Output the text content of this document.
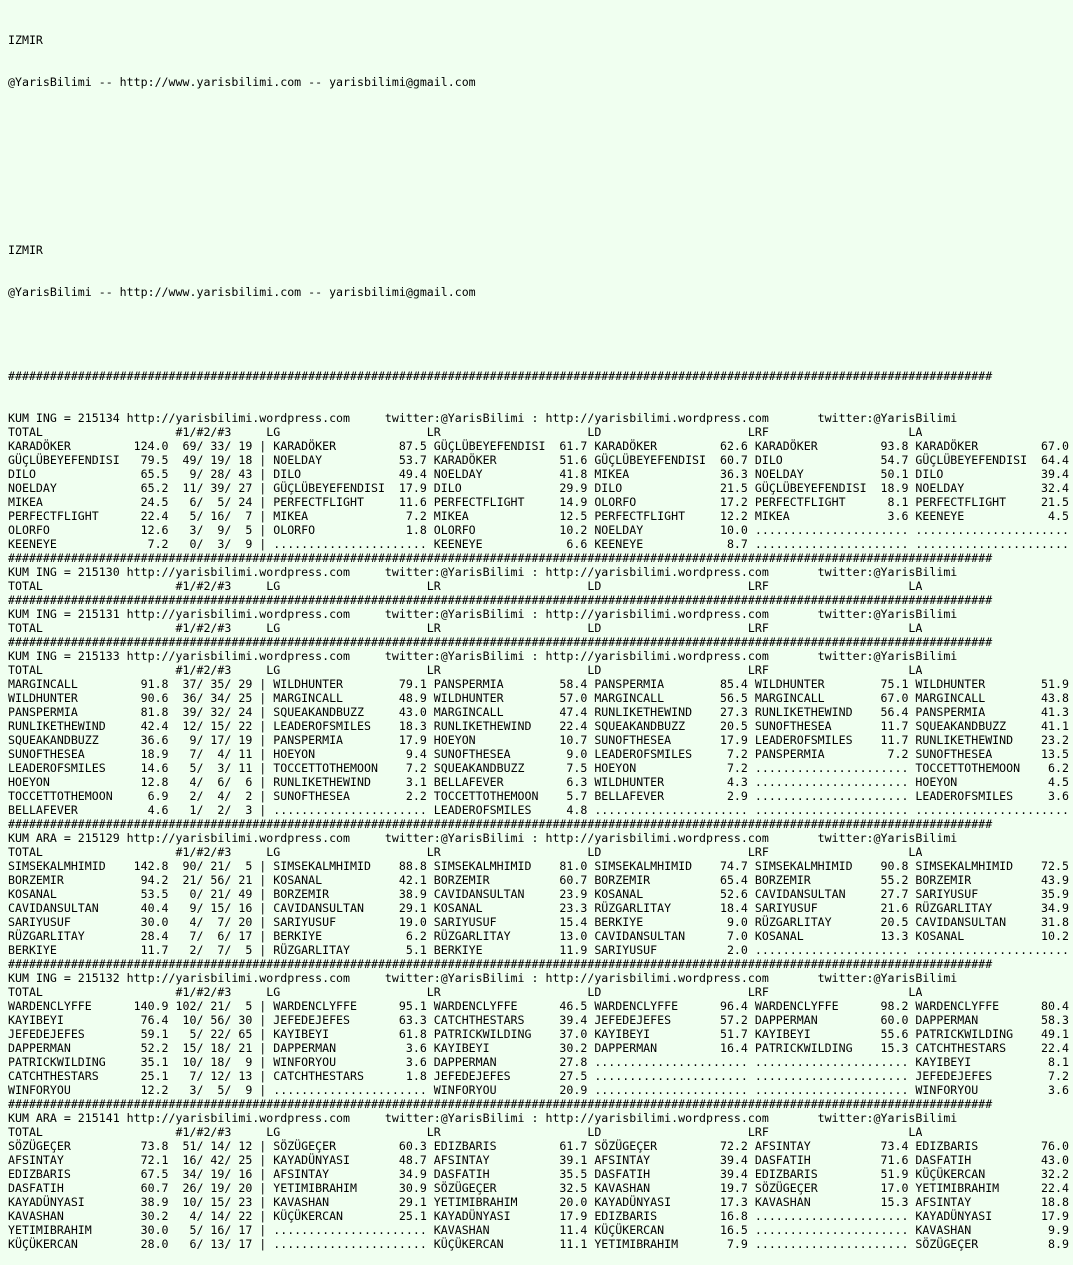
IZMIR

@YarisBilimi -- http://www.yarisbilimi.com -- yarisbilimi@gmail.com

IZMIR

@YarisBilimi -- http://www.yarisbilimi.com -- yarisbilimi@gmail.com

#############################################################################################################################################

KUM ING = 215134 http://yarisbilimi.wordpress.com     twitter:@YarisBilimi : http://yarisbilimi.wordpress.com       twitter:@YarisBilimi
TOTAL                   #1/#2/#3     LG                     LR                     LD                     LRF                    LA
KARADÖKER         124.0  69/ 33/ 19 | KARADÖKER         87.5 GÜÇLÜBEYEFENDISI  61.7 KARADÖKER         62.6 KARADÖKER         93.8 KARADÖKER         67.0
GÜÇLÜBEYEFENDISI   79.5  49/ 19/ 18 | NOELDAY           53.7 KARADÖKER         51.6 GÜÇLÜBEYEFENDISI  60.7 DILO              54.7 GÜÇLÜBEYEFENDISI  64.4
DILO               65.5   9/ 28/ 43 | DILO              49.4 NOELDAY           41.8 MIKEA             36.3 NOELDAY           50.1 DILO              39.4
NOELDAY            65.2  11/ 39/ 27 | GÜÇLÜBEYEFENDISI  17.9 DILO              29.9 DILO              21.5 GÜÇLÜBEYEFENDISI  18.9 NOELDAY           32.4
MIKEA              24.5   6/  5/ 24 | PERFECTFLIGHT     11.6 PERFECTFLIGHT     14.9 OLORFO            17.2 PERFECTFLIGHT      8.1 PERFECTFLIGHT     21.5
PERFECTFLIGHT      22.4   5/ 16/  7 | MIKEA              7.2 MIKEA             12.5 PERFECTFLIGHT     12.2 MIKEA              3.6 KEENEYE            4.5
OLORFO             12.6   3/  9/  5 | OLORFO             1.8 OLORFO            10.2 NOELDAY           10.0 ...................... ......................
KEENEYE             7.2   0/  3/  9 | ...................... KEENEYE            6.6 KEENEYE            8.7 ...................... ......................
#############################################################################################################################################
KUM ING = 215130 http://yarisbilimi.wordpress.com     twitter:@YarisBilimi : http://yarisbilimi.wordpress.com       twitter:@YarisBilimi
TOTAL                   #1/#2/#3     LG                     LR                     LD                     LRF                    LA
#############################################################################################################################################
KUM ING = 215131 http://yarisbilimi.wordpress.com     twitter:@YarisBilimi : http://yarisbilimi.wordpress.com       twitter:@YarisBilimi
TOTAL                   #1/#2/#3     LG                     LR                     LD                     LRF                    LA
#############################################################################################################################################
KUM ING = 215133 http://yarisbilimi.wordpress.com     twitter:@YarisBilimi : http://yarisbilimi.wordpress.com       twitter:@YarisBilimi
TOTAL                   #1/#2/#3     LG                     LR                     LD                     LRF                    LA
MARGINCALL         91.8  37/ 35/ 29 | WILDHUNTER        79.1 PANSPERMIA        58.4 PANSPERMIA        85.4 WILDHUNTER        75.1 WILDHUNTER        51.9
WILDHUNTER         90.6  36/ 34/ 25 | MARGINCALL        48.9 WILDHUNTER        57.0 MARGINCALL        56.5 MARGINCALL        67.0 MARGINCALL        43.8
PANSPERMIA         81.8  39/ 32/ 24 | SQUEAKANDBUZZ     43.0 MARGINCALL        47.4 RUNLIKETHEWIND    27.3 RUNLIKETHEWIND    56.4 PANSPERMIA        41.3
RUNLIKETHEWIND     42.4  12/ 15/ 22 | LEADEROFSMILES    18.3 RUNLIKETHEWIND    22.4 SQUEAKANDBUZZ     20.5 SUNOFTHESEA       11.7 SQUEAKANDBUZZ     41.1
SQUEAKANDBUZZ      36.6   9/ 17/ 19 | PANSPERMIA        17.9 HOEYON            10.7 SUNOFTHESEA       17.9 LEADEROFSMILES    11.7 RUNLIKETHEWIND    23.2
SUNOFTHESEA        18.9   7/  4/ 11 | HOEYON             9.4 SUNOFTHESEA        9.0 LEADEROFSMILES     7.2 PANSPERMIA         7.2 SUNOFTHESEA       13.5
LEADEROFSMILES     14.6   5/  3/ 11 | TOCCETTOTHEMOON    7.2 SQUEAKANDBUZZ      7.5 HOEYON             7.2 ...................... TOCCETTOTHEMOON    6.2
HOEYON             12.8   4/  6/  6 | RUNLIKETHEWIND     3.1 BELLAFEVER         6.3 WILDHUNTER         4.3 ...................... HOEYON             4.5
TOCCETTOTHEMOON     6.9   2/  4/  2 | SUNOFTHESEA        2.2 TOCCETTOTHEMOON    5.7 BELLAFEVER         2.9 ...................... LEADEROFSMILES     3.6
BELLAFEVER          4.6   1/  2/  3 | ...................... LEADEROFSMILES     4.8 ...................... ...................... ......................
#############################################################################################################################################
KUM ARA = 215129 http://yarisbilimi.wordpress.com     twitter:@YarisBilimi : http://yarisbilimi.wordpress.com       twitter:@YarisBilimi
TOTAL                   #1/#2/#3     LG                     LR                     LD                     LRF                    LA
SIMSEKALMHIMID    142.8  90/ 21/  5 | SIMSEKALMHIMID    88.8 SIMSEKALMHIMID    81.0 SIMSEKALMHIMID    74.7 SIMSEKALMHIMID    90.8 SIMSEKALMHIMID    72.5
BORZEMIR           94.2  21/ 56/ 21 | KOSANAL           42.1 BORZEMIR          60.7 BORZEMIR          65.4 BORZEMIR          55.2 BORZEMIR          43.9
KOSANAL            53.5   0/ 21/ 49 | BORZEMIR          38.9 CAVIDANSULTAN     23.9 KOSANAL           52.6 CAVIDANSULTAN     27.7 SARIYUSUF         35.9
CAVIDANSULTAN      40.4   9/ 15/ 16 | CAVIDANSULTAN     29.1 KOSANAL           23.3 RÜZGARLITAY       18.4 SARIYUSUF         21.6 RÜZGARLITAY       34.9
SARIYUSUF          30.0   4/  7/ 20 | SARIYUSUF         19.0 SARIYUSUF         15.4 BERKIYE            9.0 RÜZGARLITAY       20.5 CAVIDANSULTAN     31.8
RÜZGARLITAY        28.4   7/  6/ 17 | BERKIYE            6.2 RÜZGARLITAY       13.0 CAVIDANSULTAN      7.0 KOSANAL           13.3 KOSANAL           10.2
BERKIYE            11.7   2/  7/  5 | RÜZGARLITAY        5.1 BERKIYE           11.9 SARIYUSUF          2.0 ...................... ......................
#############################################################################################################################################
KUM ING = 215132 http://yarisbilimi.wordpress.com     twitter:@YarisBilimi : http://yarisbilimi.wordpress.com       twitter:@YarisBilimi
TOTAL                   #1/#2/#3     LG                     LR                     LD                     LRF                    LA
WARDENCLYFFE      140.9 102/ 21/  5 | WARDENCLYFFE      95.1 WARDENCLYFFE      46.5 WARDENCLYFFE      96.4 WARDENCLYFFE      98.2 WARDENCLYFFE      80.4
KAYIBEYI           76.4  10/ 56/ 30 | JEFEDEJEFES       63.3 CATCHTHESTARS     39.4 JEFEDEJEFES       57.2 DAPPERMAN         60.0 DAPPERMAN         58.3
JEFEDEJEFES        59.1   5/ 22/ 65 | KAYIBEYI          61.8 PATRICKWILDING    37.0 KAYIBEYI          51.7 KAYIBEYI          55.6 PATRICKWILDING    49.1
DAPPERMAN          52.2  15/ 18/ 21 | DAPPERMAN          3.6 KAYIBEYI          30.2 DAPPERMAN         16.4 PATRICKWILDING    15.3 CATCHTHESTARS     22.4
PATRICKWILDING     35.1  10/ 18/  9 | WINFORYOU          3.6 DAPPERMAN         27.8 ...................... ...................... KAYIBEYI           8.1
CATCHTHESTARS      25.1   7/ 12/ 13 | CATCHTHESTARS      1.8 JEFEDEJEFES       27.5 ...................... ...................... JEFEDEJEFES        7.2
WINFORYOU          12.2   3/  5/  9 | ...................... WINFORYOU         20.9 ...................... ...................... WINFORYOU          3.6
#############################################################################################################################################
KUM ARA = 215141 http://yarisbilimi.wordpress.com     twitter:@YarisBilimi : http://yarisbilimi.wordpress.com       twitter:@YarisBilimi
TOTAL                   #1/#2/#3     LG                     LR                     LD                     LRF                    LA
SÖZÜGEÇER          73.8  51/ 14/ 12 | SÖZÜGEÇER         60.3 EDIZBARIS         61.7 SÖZÜGEÇER         72.2 AFSINTAY          73.4 EDIZBARIS         76.0
AFSINTAY           72.1  16/ 42/ 25 | KAYADÜNYASI       48.7 AFSINTAY          39.1 AFSINTAY          39.4 DASFATIH          71.6 DASFATIH          43.0
EDIZBARIS          67.5  34/ 19/ 16 | AFSINTAY          34.9 DASFATIH          35.5 DASFATIH          39.4 EDIZBARIS         51.9 KÜÇÜKERCAN        32.2
DASFATIH           60.7  26/ 19/ 20 | YETIMIBRAHIM      30.9 SÖZÜGEÇER         32.5 KAVASHAN          19.7 SÖZÜGEÇER         17.0 YETIMIBRAHIM      22.4
KAYADÜNYASI        38.9  10/ 15/ 23 | KAVASHAN          29.1 YETIMIBRAHIM      20.0 KAYADÜNYASI       17.3 KAVASHAN          15.3 AFSINTAY          18.8
KAVASHAN           30.2   4/ 14/ 22 | KÜÇÜKERCAN        25.1 KAYADÜNYASI       17.9 EDIZBARIS         16.8 ...................... KAYADÜNYASI       17.9
YETIMIBRAHIM       30.0   5/ 16/ 17 | ...................... KAVASHAN          11.4 KÜÇÜKERCAN        16.5 ...................... KAVASHAN           9.9
KÜÇÜKERCAN         28.0   6/ 13/ 17 | ...................... KÜÇÜKERCAN        11.1 YETIMIBRAHIM       7.9 ...................... SÖZÜGEÇER          8.9
